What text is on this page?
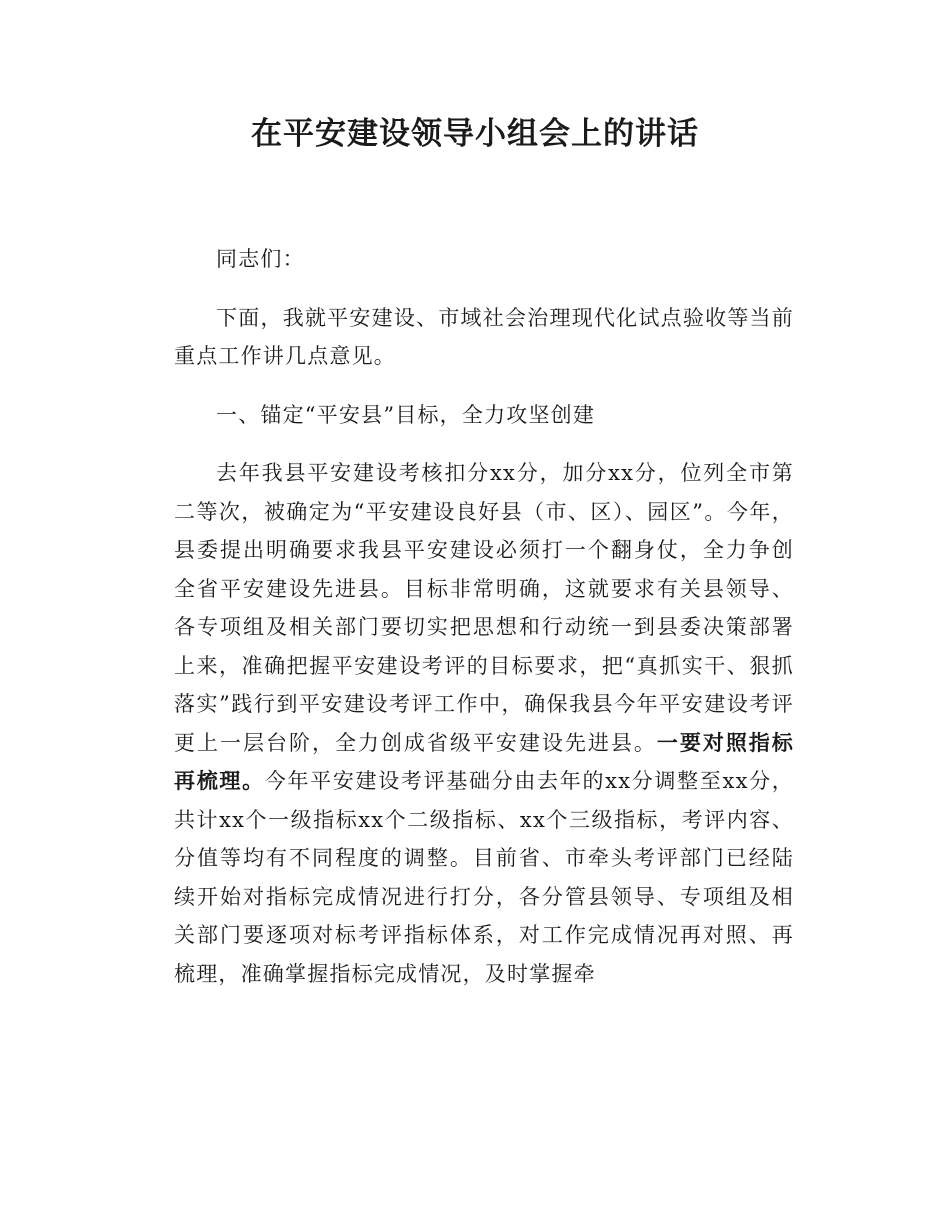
在平安建设领导小组会上的讲话

同志们：

下面，我就平安建设、市域社会治理现代化试点验收等当前重点工作讲几点意见。

一、锚定“平安县”目标，全力攻坚创建

去年我县平安建设考核扣分xx分，加分xx分，位列全市第二等次，被确定为“平安建设良好县（市、区）、园区”。今年，县委提出明确要求我县平安建设必须打一个翻身仗，全力争创全省平安建设先进县。目标非常明确，这就要求有关县领导、各专项组及相关部门要切实把思想和行动统一到县委决策部署上来，准确把握平安建设考评的目标要求，把“真抓实干、狠抓落实”践行到平安建设考评工作中，确保我县今年平安建设考评更上一层台阶，全力创成省级平安建设先进县。一要对照指标再梳理。今年平安建设考评基础分由去年的xx分调整至xx分，共计xx个一级指标xx个二级指标、xx个三级指标，考评内容、分值等均有不同程度的调整。目前省、市牵头考评部门已经陆续开始对指标完成情况进行打分，各分管县领导、专项组及相关部门要逐项对标考评指标体系，对工作完成情况再对照、再梳理，准确掌握指标完成情况，及时掌握牵
